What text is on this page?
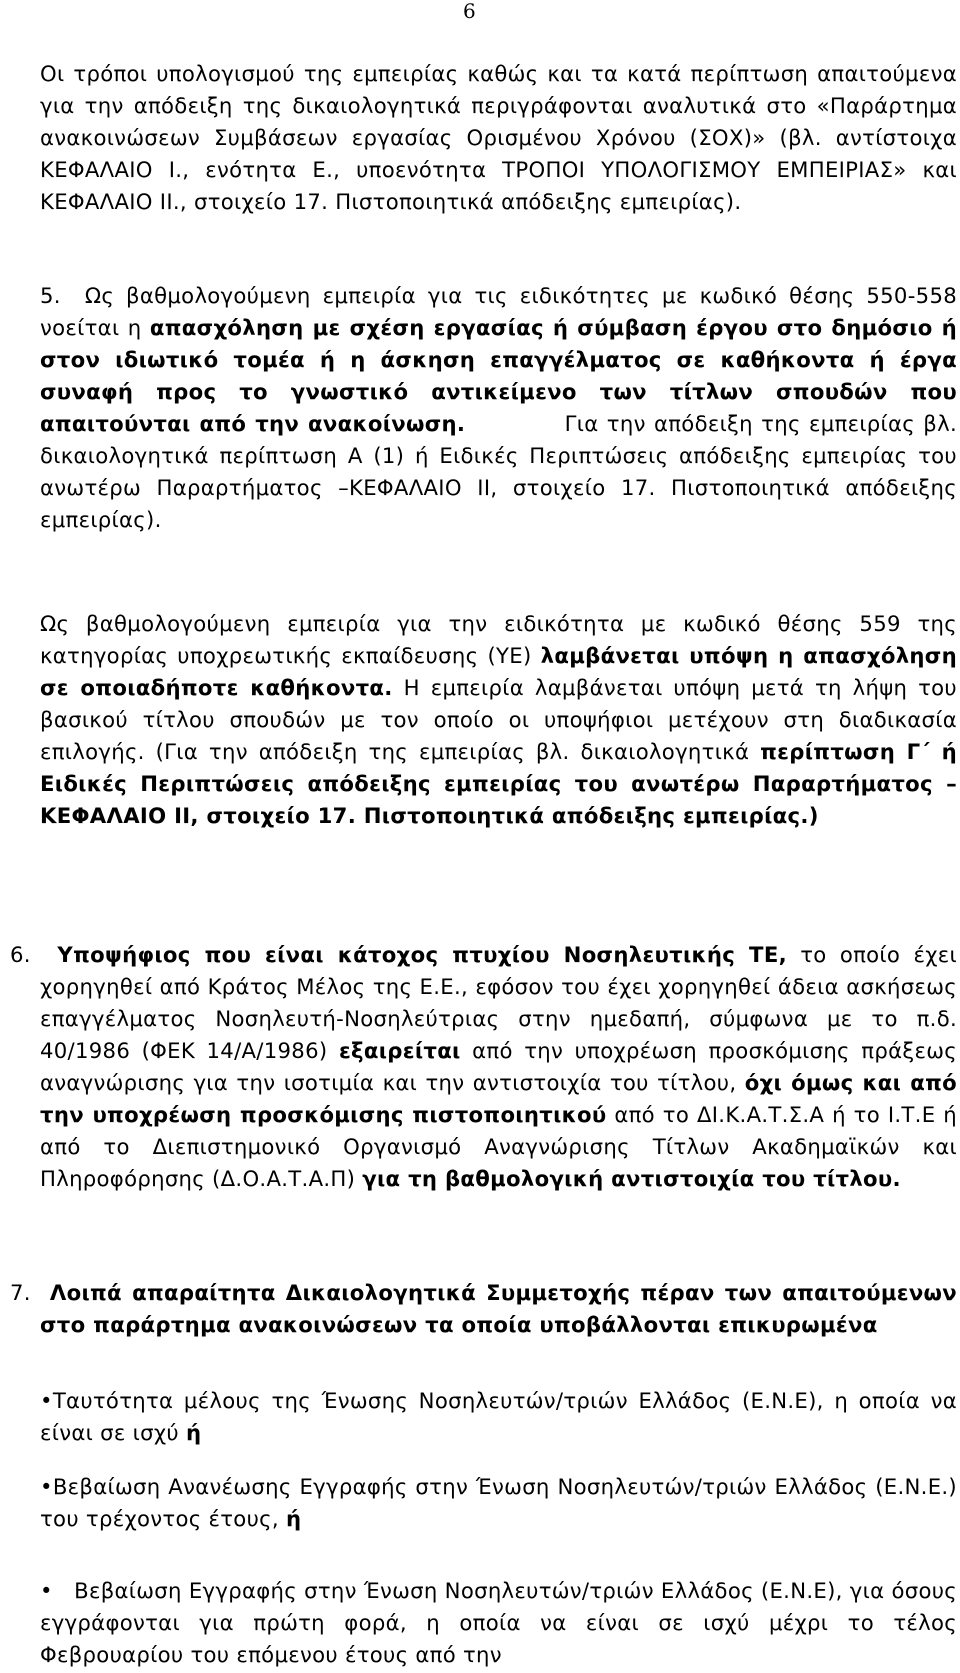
6

Οι τρόποι υπολογισμού της εμπειρίας καθώς και τα κατά περίπτωση απαιτούμενα για την απόδειξη της δικαιολογητικά περιγράφονται αναλυτικά στο «Παράρτημα ανακοινώσεων Συμβάσεων εργασίας Ορισμένου Χρόνου (ΣΟΧ)» (βλ. αντίστοιχα ΚΕΦΑΛΑΙΟ Ι., ενότητα Ε., υποενότητα ΤΡΟΠΟΙ ΥΠΟΛΟΓΙΣΜΟΥ ΕΜΠΕΙΡΙΑΣ» και ΚΕΦΑΛΑΙΟ ΙΙ., στοιχείο 17. Πιστοποιητικά απόδειξης εμπειρίας).

5. Ως βαθμολογούμενη εμπειρία για τις ειδικότητες με κωδικό θέσης 550-558 νοείται η απασχόληση με σχέση εργασίας ή σύμβαση έργου στο δημόσιο ή στον ιδιωτικό τομέα ή η άσκηση επαγγέλματος σε καθήκοντα ή έργα συναφή προς το γνωστικό αντικείμενο των τίτλων σπουδών που απαιτούνται από την ανακοίνωση.	Για την απόδειξη της εμπειρίας βλ. δικαιολογητικά περίπτωση Α (1) ή Ειδικές Περιπτώσεις απόδειξης εμπειρίας του ανωτέρω Παραρτήματος –ΚΕΦΑΛΑΙΟ ΙΙ, στοιχείο 17. Πιστοποιητικά απόδειξης εμπειρίας).

Ως βαθμολογούμενη εμπειρία για την ειδικότητα με κωδικό θέσης 559 της κατηγορίας υποχρεωτικής εκπαίδευσης (ΥΕ) λαμβάνεται υπόψη η απασχόληση σε οποιαδήποτε καθήκοντα. Η εμπειρία λαμβάνεται υπόψη μετά τη λήψη του βασικού τίτλου σπουδών με τον οποίο οι υποψήφιοι μετέχουν στη διαδικασία επιλογής. (Για την απόδειξη της εμπειρίας βλ. δικαιολογητικά περίπτωση Γ΄ ή Ειδικές Περιπτώσεις απόδειξης εμπειρίας του ανωτέρω Παραρτήματος –ΚΕΦΑΛΑΙΟ ΙΙ, στοιχείο 17. Πιστοποιητικά απόδειξης εμπειρίας.)

6. Υποψήφιος που είναι κάτοχος πτυχίου Νοσηλευτικής ΤΕ, το οποίο έχει χορηγηθεί από Κράτος Μέλος της Ε.Ε., εφόσον του έχει χορηγηθεί άδεια ασκήσεως επαγγέλματος Νοσηλευτή-Νοσηλεύτριας στην ημεδαπή, σύμφωνα με το π.δ. 40/1986 (ΦΕΚ 14/Α/1986) εξαιρείται από την υποχρέωση προσκόμισης πράξεως αναγνώρισης για την ισοτιμία και την αντιστοιχία του τίτλου, όχι όμως και από την υποχρέωση προσκόμισης πιστοποιητικού από το ΔΙ.Κ.Α.Τ.Σ.Α ή το Ι.Τ.Ε ή από το Διεπιστημονικό Οργανισμό Αναγνώρισης Τίτλων Ακαδημαϊκών και Πληροφόρησης (Δ.Ο.Α.Τ.Α.Π) για τη βαθμολογική αντιστοιχία του τίτλου.

7. Λοιπά απαραίτητα Δικαιολογητικά Συμμετοχής πέραν των απαιτούμενων στο παράρτημα ανακοινώσεων τα οποία υποβάλλονται επικυρωμένα

•Ταυτότητα μέλους της Ένωσης Νοσηλευτών/τριών Ελλάδος (Ε.Ν.Ε), η οποία να είναι σε ισχύ ή

•Βεβαίωση Ανανέωσης Εγγραφής στην Ένωση Νοσηλευτών/τριών Ελλάδος (Ε.Ν.Ε.) του τρέχοντος έτους, ή

• Βεβαίωση Εγγραφής στην Ένωση Νοσηλευτών/τριών Ελλάδος (Ε.Ν.Ε), για όσους εγγράφονται για πρώτη φορά, η οποία να είναι σε ισχύ μέχρι το τέλος Φεβρουαρίου του επόμενου έτους από την
